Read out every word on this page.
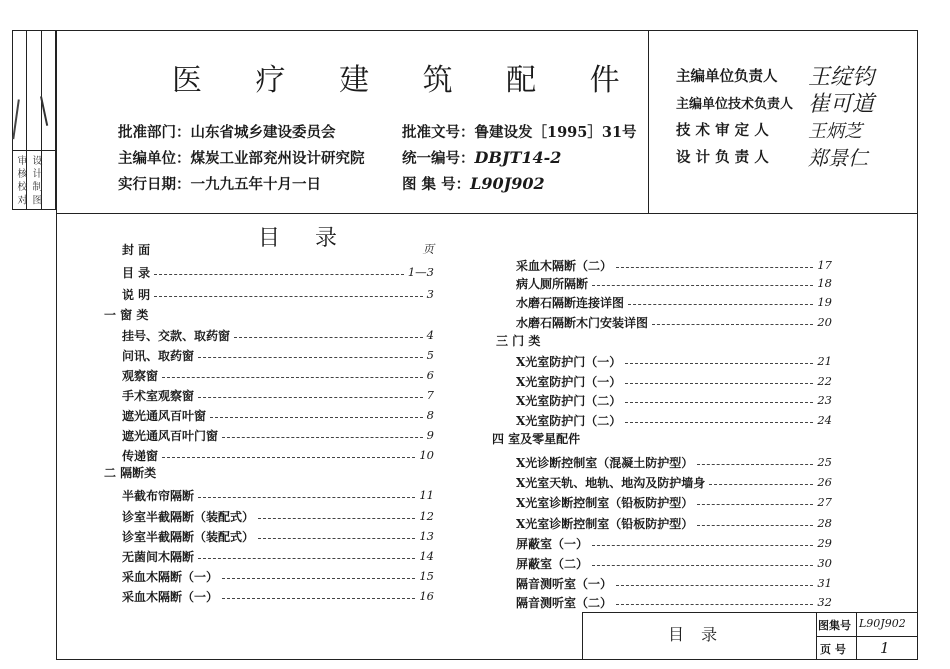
审 核 校 对 设 计 制 图
医 疗 建 筑 配 件
批准部门：山东省城乡建设委员会
主编单位：煤炭工业部兖州设计研究院
实行日期：一九九五年十月一日
批准文号：鲁建设发［1995］31号
统一编号：DBJT14-2
图 集 号：L90J902
主编单位负责人	王绽钧
主编单位技术负责人 崔可道
技 术 审 定 人	王炳芝
设 计 负 责 人	郑景仁
目 录
封 面	页
目 录	1—3
说 明	3
一 窗 类
挂号、交款、取药窗	4
问讯、取药窗	5
观察窗	6
手术室观察窗	7
遮光通风百叶窗	8
遮光通风百叶门窗	9
传递窗	10
二 隔断类
半截布帘隔断	11
诊室半截隔断（装配式）	12
诊室半截隔断（装配式）	13
无菌间木隔断	14
采血木隔断（一）	15
采血木隔断（一）	16
采血木隔断（二）	17
病人厕所隔断	18
水磨石隔断连接详图	19
水磨石隔断木门安装详图	20
三 门 类
X光室防护门（一）	21
X光室防护门（一）	22
X光室防护门（二）	23
X光室防护门（二）	24
四 室及零星配件
X光诊断控制室（混凝土防护型）	25
X光室天轨、地轨、地沟及防护墙身	26
X光室诊断控制室（铅板防护型）	27
X光室诊断控制室（铅板防护型）	28
屏蔽室（一）	29
屏蔽室（二）	30
隔音测听室（一）	31
隔音测听室（二）	32
目 录	图集号 L90J902
页 号 1
